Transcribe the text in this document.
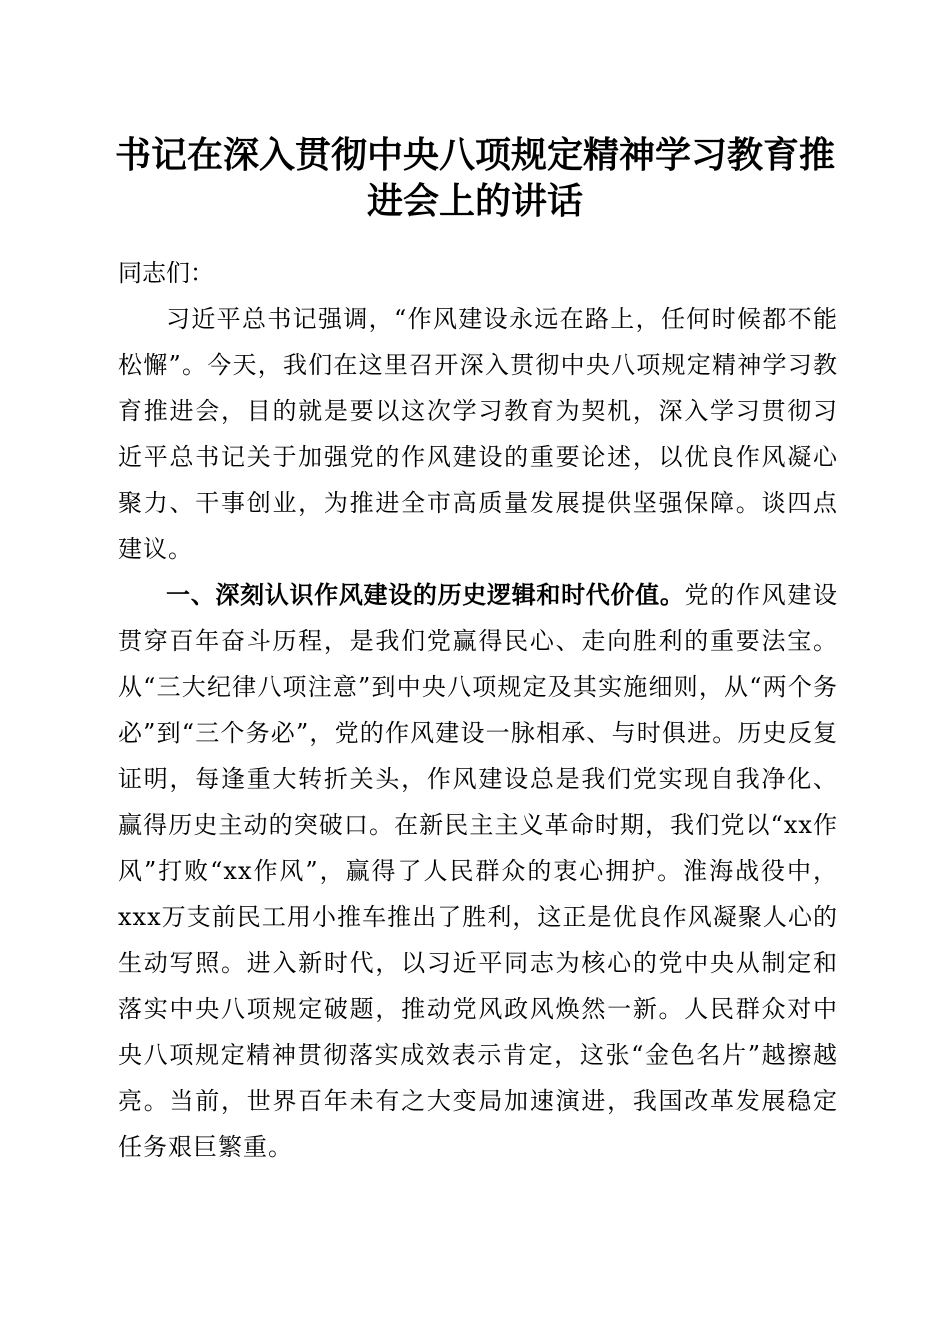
书记在深入贯彻中央八项规定精神学习教育推进会上的讲话

同志们：

习近平总书记强调，“作风建设永远在路上，任何时候都不能松懈”。今天，我们在这里召开深入贯彻中央八项规定精神学习教育推进会，目的就是要以这次学习教育为契机，深入学习贯彻习近平总书记关于加强党的作风建设的重要论述，以优良作风凝心聚力、干事创业，为推进全市高质量发展提供坚强保障。谈四点建议。

一、深刻认识作风建设的历史逻辑和时代价值。党的作风建设贯穿百年奋斗历程，是我们党赢得民心、走向胜利的重要法宝。从“三大纪律八项注意”到中央八项规定及其实施细则，从“两个务必”到“三个务必”，党的作风建设一脉相承、与时俱进。历史反复证明，每逢重大转折关头，作风建设总是我们党实现自我净化、赢得历史主动的突破口。在新民主主义革命时期，我们党以“xx作风”打败“xx作风”，赢得了人民群众的衷心拥护。淮海战役中，xxx万支前民工用小推车推出了胜利，这正是优良作风凝聚人心的生动写照。进入新时代，以习近平同志为核心的党中央从制定和落实中央八项规定破题，推动党风政风焕然一新。人民群众对中央八项规定精神贯彻落实成效表示肯定，这张“金色名片”越擦越亮。当前，世界百年未有之大变局加速演进，我国改革发展稳定任务艰巨繁重。
